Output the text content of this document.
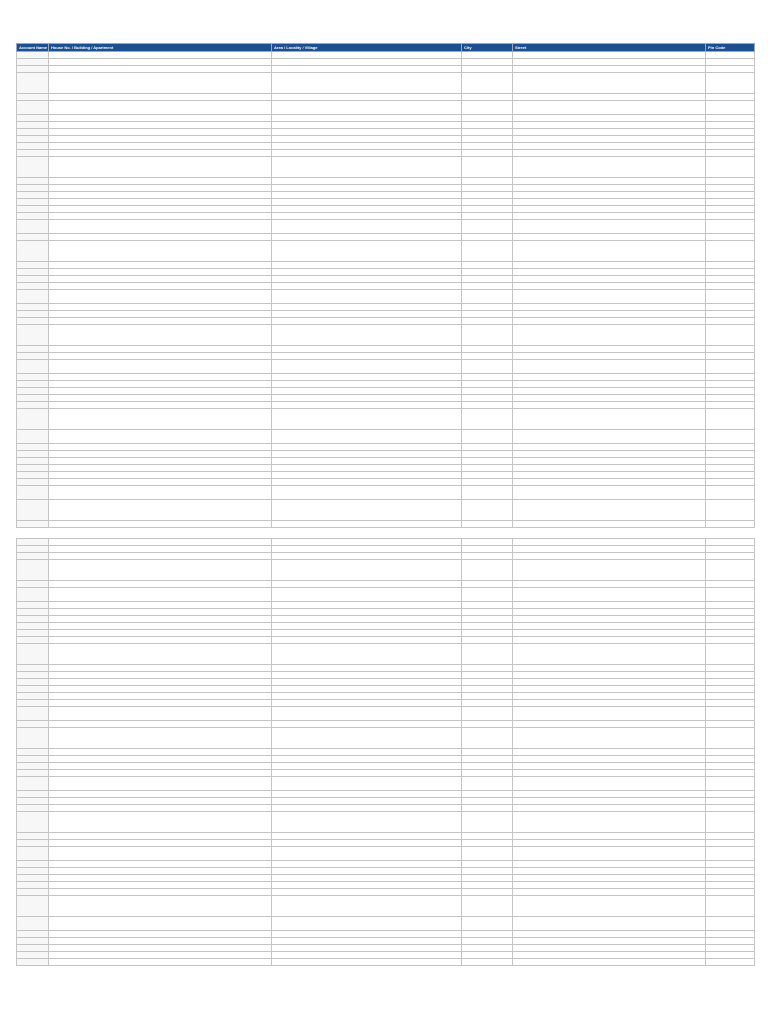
Account Name	House No. / Building / Apartment	Area / Locality / Village	City	Street	Pin Code
